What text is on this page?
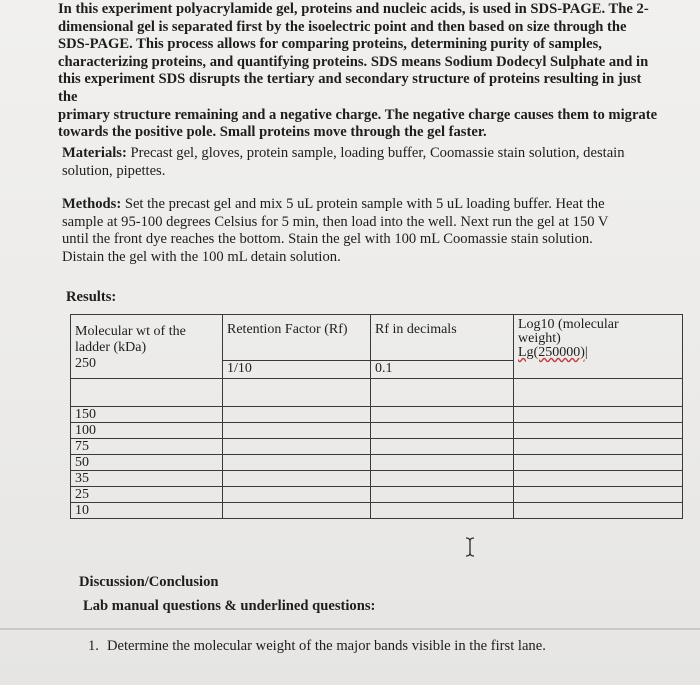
In this experiment polyacrylamide gel, proteins and nucleic acids, is used in SDS-PAGE. The 2-
dimensional gel is separated first by the isoelectric point and then based on size through the
SDS-PAGE. This process allows for comparing proteins, determining purity of samples,
characterizing proteins, and quantifying proteins. SDS means Sodium Dodecyl Sulphate and in
this experiment SDS disrupts the tertiary and secondary structure of proteins resulting in just the
primary structure remaining and a negative charge. The negative charge causes them to migrate
towards the positive pole. Small proteins move through the gel faster.

Materials: Precast gel, gloves, protein sample, loading buffer, Coomassie stain solution, destain
solution, pipettes.

Methods: Set the precast gel and mix 5 uL protein sample with 5 uL loading buffer. Heat the
sample at 95-100 degrees Celsius for 5 min, then load into the well. Next run the gel at 150 V
until the front dye reaches the bottom. Stain the gel with 100 mL Coomassie stain solution.
Distain the gel with the 100 mL detain solution.

Results:
Molecular wt of the
ladder (kDa)
250	Retention Factor (Rf)	Rf in decimals	Log10 (molecular
weight)
Lg(250000)|
	1/10	0.1	

150			
100			
75			
50			
35			
25			
10			
Discussion/Conclusion
Lab manual questions & underlined questions:
1. Determine the molecular weight of the major bands visible in the first lane.
